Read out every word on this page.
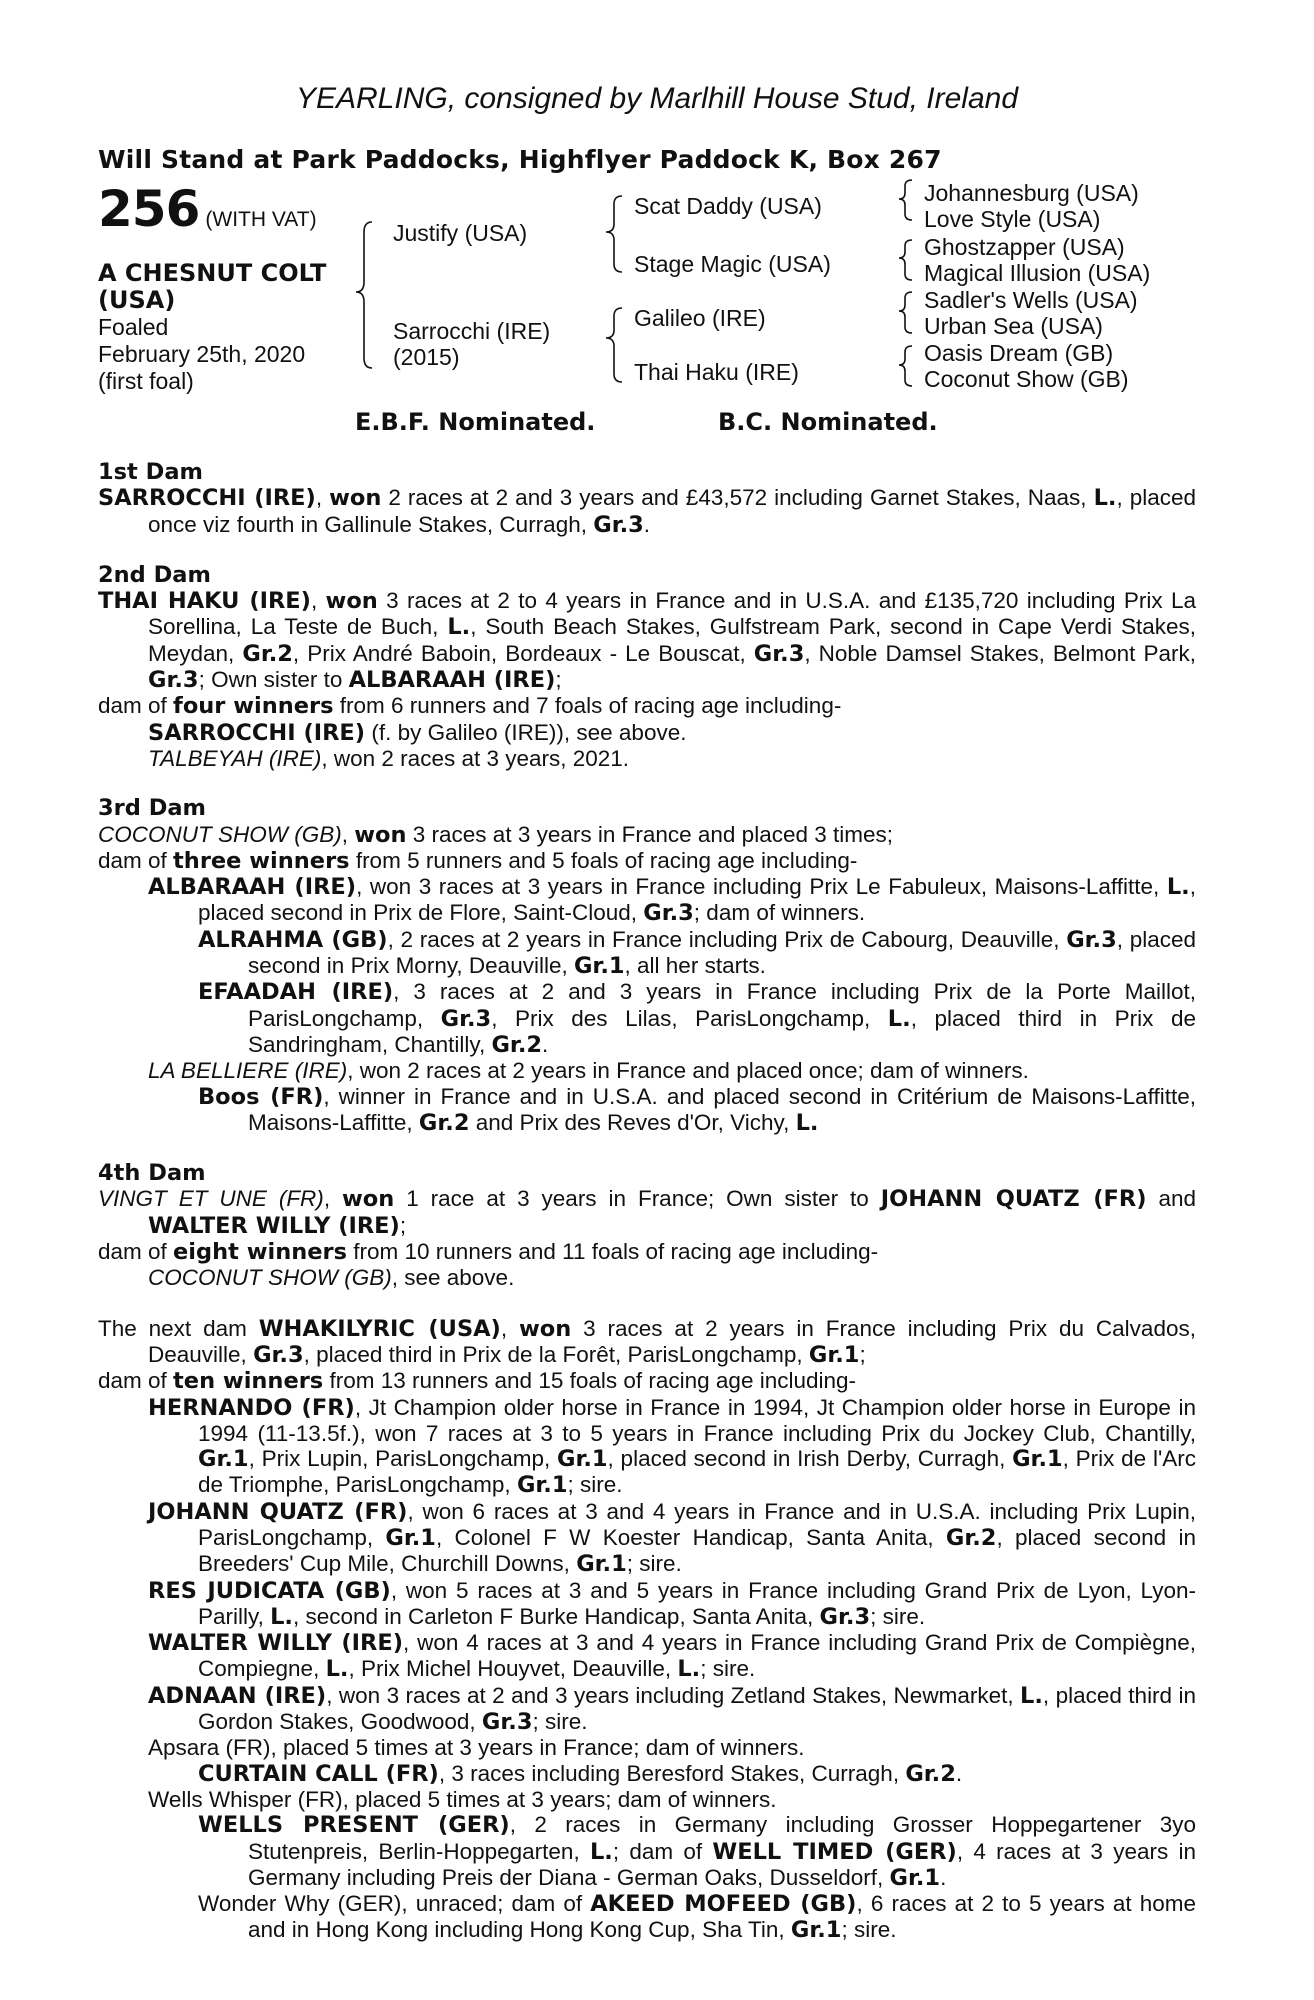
YEARLING, consigned by Marlhill House Stud, Ireland
Will Stand at Park Paddocks, Highflyer Paddock K, Box 267
256 (WITH VAT)
A CHESNUT COLT
(USA)
Foaled
February 25th, 2020
(first foal)
Justify (USA)
Sarrocchi (IRE)
(2015)
Scat Daddy (USA)
Stage Magic (USA)
Galileo (IRE)
Thai Haku (IRE)
Johannesburg (USA)
Love Style (USA)
Ghostzapper (USA)
Magical Illusion (USA)
Sadler's Wells (USA)
Urban Sea (USA)
Oasis Dream (GB)
Coconut Show (GB)
E.B.F. Nominated.	B.C. Nominated.
1st Dam
SARROCCHI (IRE), won 2 races at 2 and 3 years and £43,572 including Garnet Stakes, Naas, L., placed once viz fourth in Gallinule Stakes, Curragh, Gr.3.
2nd Dam
THAI HAKU (IRE), won 3 races at 2 to 4 years in France and in U.S.A. and £135,720 including Prix La Sorellina, La Teste de Buch, L., South Beach Stakes, Gulfstream Park, second in Cape Verdi Stakes, Meydan, Gr.2, Prix André Baboin, Bordeaux - Le Bouscat, Gr.3, Noble Damsel Stakes, Belmont Park, Gr.3; Own sister to ALBARAAH (IRE);
dam of four winners from 6 runners and 7 foals of racing age including-
SARROCCHI (IRE) (f. by Galileo (IRE)), see above.
TALBEYAH (IRE), won 2 races at 3 years, 2021.
3rd Dam
COCONUT SHOW (GB), won 3 races at 3 years in France and placed 3 times;
dam of three winners from 5 runners and 5 foals of racing age including-
ALBARAAH (IRE), won 3 races at 3 years in France including Prix Le Fabuleux, Maisons-Laffitte, L., placed second in Prix de Flore, Saint-Cloud, Gr.3; dam of winners.
ALRAHMA (GB), 2 races at 2 years in France including Prix de Cabourg, Deauville, Gr.3, placed second in Prix Morny, Deauville, Gr.1, all her starts.
EFAADAH (IRE), 3 races at 2 and 3 years in France including Prix de la Porte Maillot, ParisLongchamp, Gr.3, Prix des Lilas, ParisLongchamp, L., placed third in Prix de Sandringham, Chantilly, Gr.2.
LA BELLIERE (IRE), won 2 races at 2 years in France and placed once; dam of winners.
Boos (FR), winner in France and in U.S.A. and placed second in Critérium de Maisons-Laffitte, Maisons-Laffitte, Gr.2 and Prix des Reves d'Or, Vichy, L.
4th Dam
VINGT ET UNE (FR), won 1 race at 3 years in France; Own sister to JOHANN QUATZ (FR) and WALTER WILLY (IRE);
dam of eight winners from 10 runners and 11 foals of racing age including-
COCONUT SHOW (GB), see above.
The next dam WHAKILYRIC (USA), won 3 races at 2 years in France including Prix du Calvados, Deauville, Gr.3, placed third in Prix de la Forêt, ParisLongchamp, Gr.1;
dam of ten winners from 13 runners and 15 foals of racing age including-
HERNANDO (FR), Jt Champion older horse in France in 1994, Jt Champion older horse in Europe in 1994 (11-13.5f.), won 7 races at 3 to 5 years in France including Prix du Jockey Club, Chantilly, Gr.1, Prix Lupin, ParisLongchamp, Gr.1, placed second in Irish Derby, Curragh, Gr.1, Prix de l'Arc de Triomphe, ParisLongchamp, Gr.1; sire.
JOHANN QUATZ (FR), won 6 races at 3 and 4 years in France and in U.S.A. including Prix Lupin, ParisLongchamp, Gr.1, Colonel F W Koester Handicap, Santa Anita, Gr.2, placed second in Breeders' Cup Mile, Churchill Downs, Gr.1; sire.
RES JUDICATA (GB), won 5 races at 3 and 5 years in France including Grand Prix de Lyon, Lyon-Parilly, L., second in Carleton F Burke Handicap, Santa Anita, Gr.3; sire.
WALTER WILLY (IRE), won 4 races at 3 and 4 years in France including Grand Prix de Compiègne, Compiegne, L., Prix Michel Houyvet, Deauville, L.; sire.
ADNAAN (IRE), won 3 races at 2 and 3 years including Zetland Stakes, Newmarket, L., placed third in Gordon Stakes, Goodwood, Gr.3; sire.
Apsara (FR), placed 5 times at 3 years in France; dam of winners.
CURTAIN CALL (FR), 3 races including Beresford Stakes, Curragh, Gr.2.
Wells Whisper (FR), placed 5 times at 3 years; dam of winners.
WELLS PRESENT (GER), 2 races in Germany including Grosser Hoppegartener 3yo Stutenpreis, Berlin-Hoppegarten, L.; dam of WELL TIMED (GER), 4 races at 3 years in Germany including Preis der Diana - German Oaks, Dusseldorf, Gr.1.
Wonder Why (GER), unraced; dam of AKEED MOFEED (GB), 6 races at 2 to 5 years at home and in Hong Kong including Hong Kong Cup, Sha Tin, Gr.1; sire.
